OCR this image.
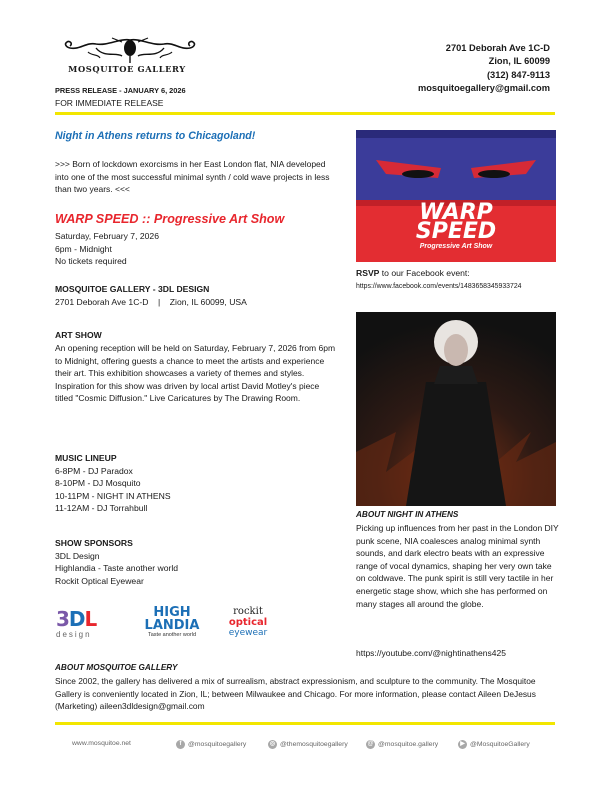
MOSQUITOE GALLERY
2701 Deborah Ave 1C-D
Zion, IL 60099
(312) 847-9113
mosquitoegallery@gmail.com
PRESS RELEASE - JANUARY 6, 2026
FOR IMMEDIATE RELEASE
Night in Athens returns to Chicagoland!
>>> Born of lockdown exorcisms in her East London flat, NIA developed into one of the most successful minimal synth / cold wave projects in less than two years. <<<
WARP SPEED :: Progressive Art Show
Saturday, February 7, 2026
6pm - Midnight
No tickets required
MOSQUITOE GALLERY - 3DL DESIGN
2701 Deborah Ave 1C-D    |    Zion, IL 60099, USA
ART SHOW
An opening reception will be held on Saturday, February 7, 2026 from 6pm to Midnight, offering guests a chance to meet the artists and experience their art. This exhibition showcases a variety of themes and styles. Inspiration for this show was driven by local artist David Motley's piece titled "Cosmic Diffusion." Live Caricatures by The Drawing Room.
MUSIC LINEUP
6-8PM - DJ Paradox
8-10PM - DJ Mosquito
10-11PM - NIGHT IN ATHENS
11-12AM - DJ Torrahbull
SHOW SPONSORS
3DL Design
Highlandia - Taste another world
Rockit Optical Eyewear
3DL
design
HIGH
LANDIA
Taste another world
rockit
optical
eyewear
WARP
SPEED
Progressive Art Show
RSVP to our Facebook event:
https://www.facebook.com/events/1483658345933724
ABOUT NIGHT IN ATHENS
Picking up influences from her past in the London DIY punk scene, NIA coalesces analog minimal synth sounds, and dark electro beats with an expressive range of vocal dynamics, shaping her very own take on coldwave. The punk spirit is still very tactile in her energetic stage show, which she has performed on many stages all around the globe.
https://youtube.com/@nightinathens425
ABOUT MOSQUITOE GALLERY
Since 2002, the gallery has delivered a mix of surrealism, abstract expressionism, and sculpture to the community. The Mosquitoe Gallery is conveniently located in Zion, IL; between Milwaukee and Chicago. For more information, please contact Aileen DeJesus (Marketing) aileen3dldesign@gmail.com
www.mosquitoe.net	f @mosquitoegallery	◎ @themosquitoegallery	@ @mosquitoe.gallery	▶ @MosquitoeGallery
